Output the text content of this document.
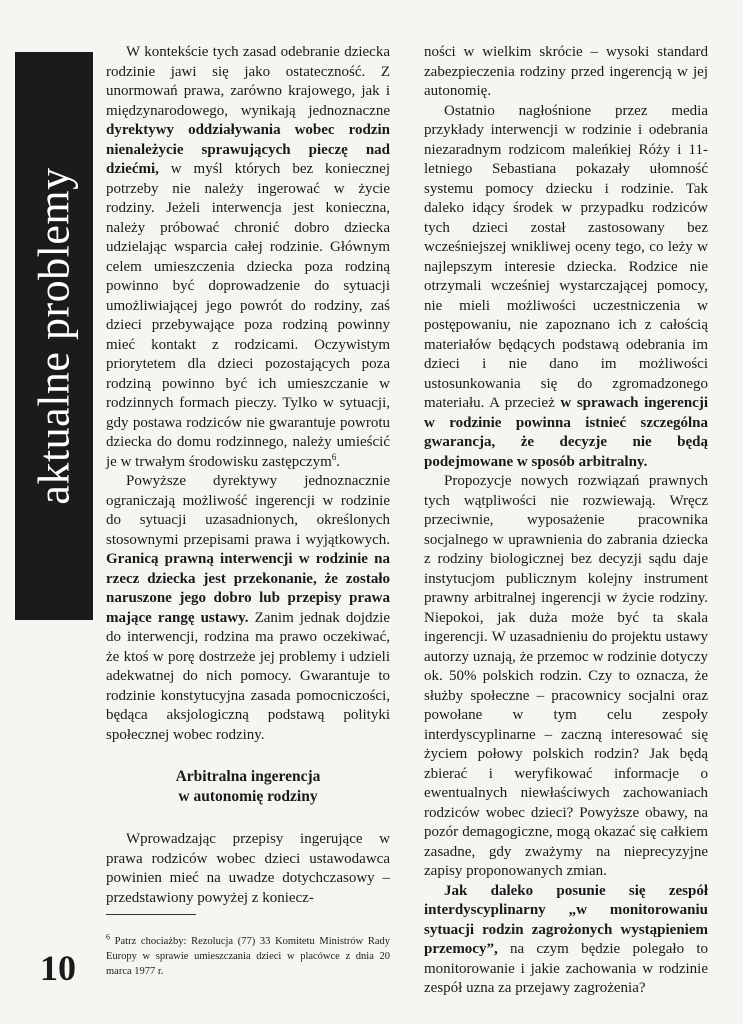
aktualne problemy

W kontekście tych zasad odebranie dziecka rodzinie jawi się jako ostateczność. Z unormowań prawa, zarówno krajowego, jak i międzynarodowego, wynikają jednoznaczne dyrektywy oddziaływania wobec rodzin nienależycie sprawujących pieczę nad dziećmi, w myśl których bez koniecznej potrzeby nie należy ingerować w życie rodziny. Jeżeli interwencja jest konieczna, należy próbować chronić dobro dziecka udzielając wsparcia całej rodzinie. Głównym celem umieszczenia dziecka poza rodziną powinno być doprowadzenie do sytuacji umożliwiającej jego powrót do rodziny, zaś dzieci przebywające poza rodziną powinny mieć kontakt z rodzicami. Oczywistym priorytetem dla dzieci pozostających poza rodziną powinno być ich umieszczanie w rodzinnych formach pieczy. Tylko w sytuacji, gdy postawa rodziców nie gwarantuje powrotu dziecka do domu rodzinnego, należy umieścić je w trwałym środowisku zastępczym$^6$.

Powyższe dyrektywy jednoznacznie ograniczają możliwość ingerencji w rodzinie do sytuacji uzasadnionych, określonych stosownymi przepisami prawa i wyjątkowych. Granicą prawną interwencji w rodzinie na rzecz dziecka jest przekonanie, że zostało naruszone jego dobro lub przepisy prawa mające rangę ustawy. Zanim jednak dojdzie do interwencji, rodzina ma prawo oczekiwać, że ktoś w porę dostrzeże jej problemy i udzieli adekwatnej do nich pomocy. Gwarantuje to rodzinie konstytucyjna zasada pomocniczości, będąca aksjologiczną podstawą polityki społecznej wobec rodziny.

Arbitralna ingerencja
w autonomię rodziny

Wprowadzając przepisy ingerujące w prawa rodziców wobec dzieci ustawodawca powinien mieć na uwadze dotychczasowy – przedstawiony powyżej z koniecz-

ności w wielkim skrócie – wysoki standard zabezpieczenia rodziny przed ingerencją w jej autonomię.

Ostatnio nagłośnione przez media przykłady interwencji w rodzinie i odebrania niezaradnym rodzicom maleńkiej Róży i 11-letniego Sebastiana pokazały ułomność systemu pomocy dziecku i rodzinie. Tak daleko idący środek w przypadku rodziców tych dzieci został zastosowany bez wcześniejszej wnikliwej oceny tego, co leży w najlepszym interesie dziecka. Rodzice nie otrzymali wcześniej wystarczającej pomocy, nie mieli możliwości uczestniczenia w postępowaniu, nie zapoznano ich z całością materiałów będących podstawą odebrania im dzieci i nie dano im możliwości ustosunkowania się do zgromadzonego materiału. A przecież w sprawach ingerencji w rodzinie powinna istnieć szczególna gwarancja, że decyzje nie będą podejmowane w sposób arbitralny.

Propozycje nowych rozwiązań prawnych tych wątpliwości nie rozwiewają. Wręcz przeciwnie, wyposażenie pracownika socjalnego w uprawnienia do zabrania dziecka z rodziny biologicznej bez decyzji sądu daje instytucjom publicznym kolejny instrument prawny arbitralnej ingerencji w życie rodziny. Niepokoi, jak duża może być ta skala ingerencji. W uzasadnieniu do projektu ustawy autorzy uznają, że przemoc w rodzinie dotyczy ok. 50% polskich rodzin. Czy to oznacza, że służby społeczne – pracownicy socjalni oraz powołane w tym celu zespoły interdyscyplinarne – zaczną interesować się życiem połowy polskich rodzin? Jak będą zbierać i weryfikować informacje o ewentualnych niewłaściwych zachowaniach rodziców wobec dzieci? Powyższe obawy, na pozór demagogiczne, mogą okazać się całkiem zasadne, gdy zważymy na nieprecyzyjne zapisy proponowanych zmian.

Jak daleko posunie się zespół interdyscyplinarny „w monitorowaniu sytuacji rodzin zagrożonych wystąpieniem przemocy”, na czym będzie polegało to monitorowanie i jakie zachowania w rodzinie zespół uzna za przejawy zagrożenia?

$^6$ Patrz chociażby: Rezolucja (77) 33 Komitetu Ministrów Rady Europy w sprawie umieszczania dzieci w placówce z dnia 20 marca 1977 r.
10
